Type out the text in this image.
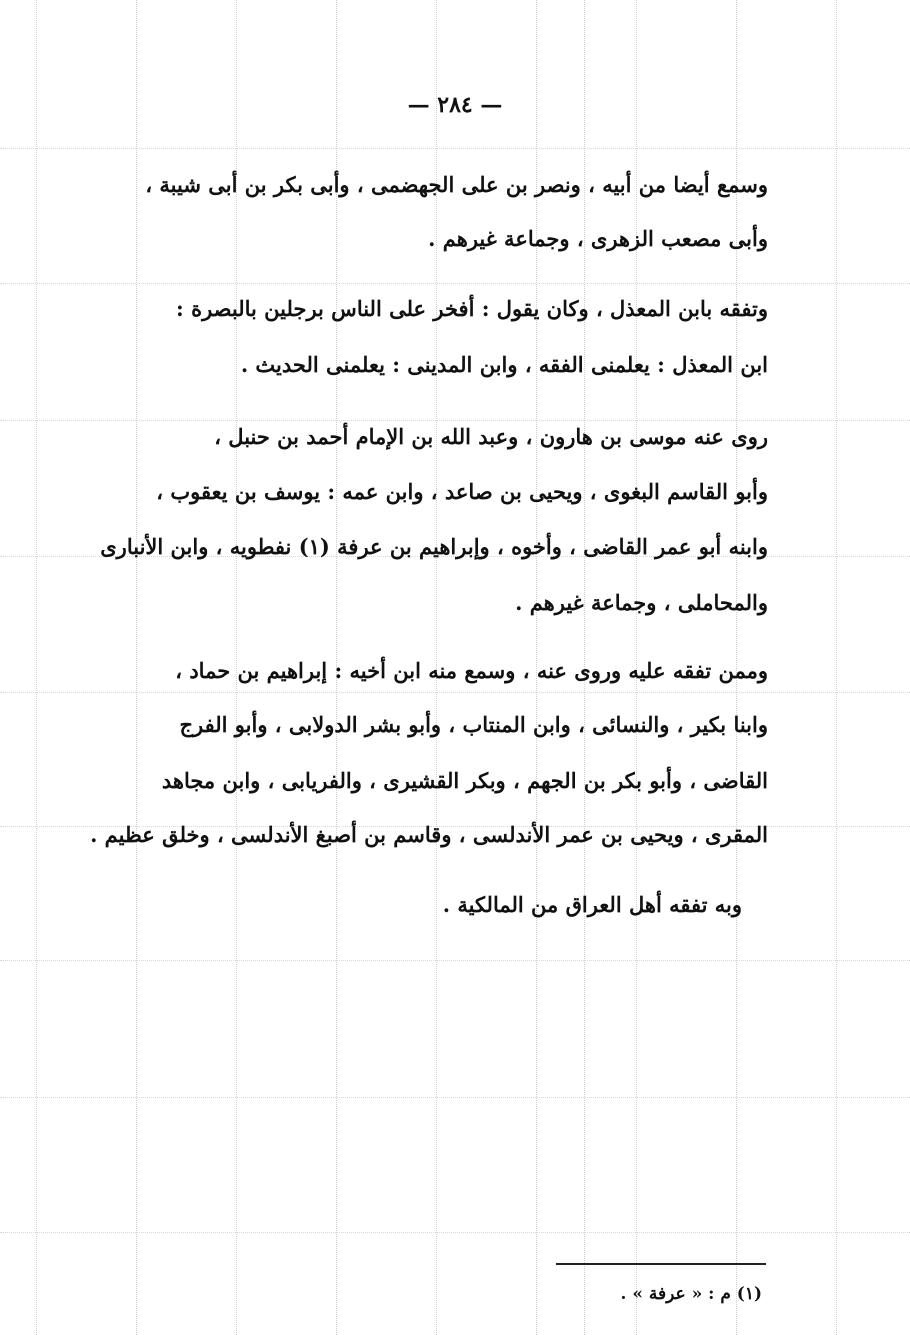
— ٢٨٤ —
وسمع أيضا من أبيه ، ونصر بن على الجهضمى ، وأبى بكر بن أبى شيبة ،
وأبى مصعب الزهرى ، وجماعة غيرهم .
وتفقه بابن المعذل ، وكان يقول : أفخر على الناس برجلين بالبصرة :
ابن المعذل : يعلمنى الفقه ، وابن المدينى : يعلمنى الحديث .
روى عنه موسى بن هارون ، وعبد الله بن الإمام أحمد بن حنبل ،
وأبو القاسم البغوى ، ويحيى بن صاعد ، وابن عمه : يوسف بن يعقوب ،
وابنه أبو عمر القاضى ، وأخوه ، وإبراهيم بن عرفة (١) نفطويه ، وابن الأنبارى
والمحاملى ، وجماعة غيرهم .
وممن تفقه عليه وروى عنه ، وسمع منه ابن أخيه : إبراهيم بن حماد ،
وابنا بكير ، والنسائى ، وابن المنتاب ، وأبو بشر الدولابى ، وأبو الفرج
القاضى ، وأبو بكر بن الجهم ، وبكر القشيرى ، والفريابى ، وابن مجاهد
المقرى ، ويحيى بن عمر الأندلسى ، وقاسم بن أصبغ الأندلسى ، وخلق عظيم .
وبه تفقه أهل العراق من المالكية .
(١) م : « عرفة » .
